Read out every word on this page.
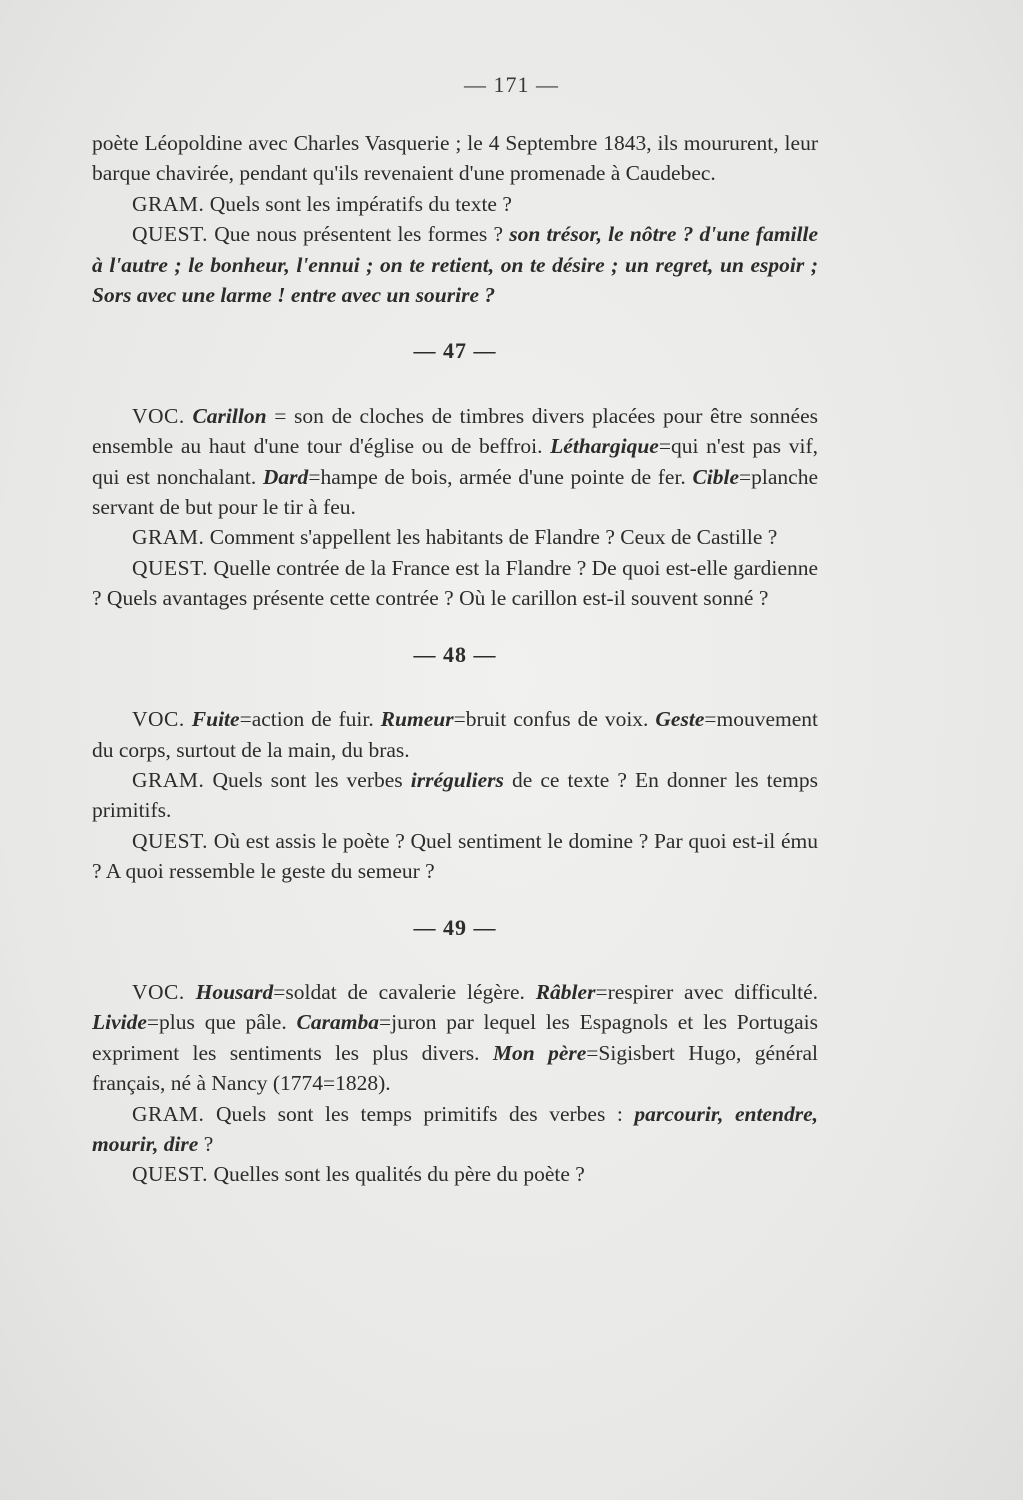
— 171 —

poète Léopoldine avec Charles Vasquerie ; le 4 Septembre 1843, ils moururent, leur barque chavirée, pendant qu'ils revenaient d'une promenade à Caudebec.

GRAM. Quels sont les impératifs du texte ?

QUEST. Que nous présentent les formes ? son trésor, le nôtre ? d'une famille à l'autre ; le bonheur, l'ennui ; on te retient, on te désire ; un regret, un espoir ; Sors avec une larme ! entre avec un sourire ?

— 47 —

VOC. Carillon = son de cloches de timbres divers placées pour être sonnées ensemble au haut d'une tour d'église ou de beffroi. Léthargique=qui n'est pas vif, qui est nonchalant. Dard=hampe de bois, armée d'une pointe de fer. Cible=planche servant de but pour le tir à feu.

GRAM. Comment s'appellent les habitants de Flandre ? Ceux de Castille ?

QUEST. Quelle contrée de la France est la Flandre ? De quoi est-elle gardienne ? Quels avantages présente cette contrée ? Où le carillon est-il souvent sonné ?

— 48 —

VOC. Fuite=action de fuir. Rumeur=bruit confus de voix. Geste=mouvement du corps, surtout de la main, du bras.

GRAM. Quels sont les verbes irréguliers de ce texte ? En donner les temps primitifs.

QUEST. Où est assis le poète ? Quel sentiment le domine ? Par quoi est-il ému ? A quoi ressemble le geste du semeur ?

— 49 —

VOC. Housard=soldat de cavalerie légère. Râbler=respirer avec difficulté. Livide=plus que pâle. Caramba=juron par lequel les Espagnols et les Portugais expriment les sentiments les plus divers. Mon père=Sigisbert Hugo, général français, né à Nancy (1774=1828).

GRAM. Quels sont les temps primitifs des verbes : parcourir, entendre, mourir, dire ?

QUEST. Quelles sont les qualités du père du poète ?
